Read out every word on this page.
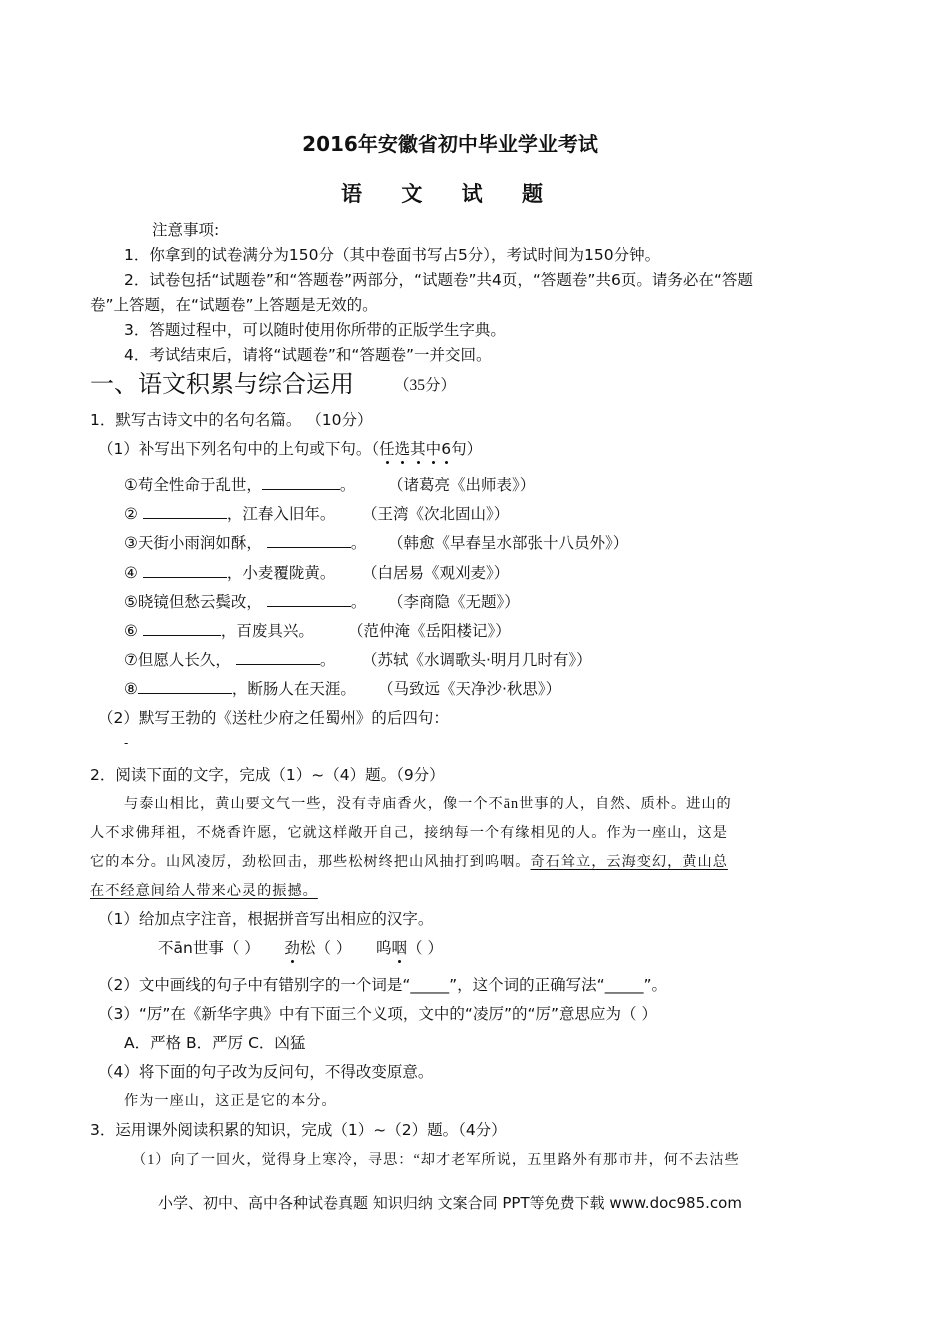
2016年安徽省初中毕业学业考试
语 文 试 题
注意事项:
1．你拿到的试卷满分为150分（其中卷面书写占5分），考试时间为150分钟。
2．试卷包括“试题卷”和“答题卷”两部分，“试题卷”共4页，“答题卷”共6页。请务必在“答题
卷”上答题，在“试题卷”上答题是无效的。
3．答题过程中，可以随时使用你所带的正版学生字典。
4．考试结束后，请将“试题卷”和“答题卷”一并交回。
一、语文积累与综合运用	（35分）
1．默写古诗文中的名句名篇。 （10分）
（1）补写出下列名句中的上句或下句。（任选其中6句）
①苟全性命于乱世，	。 （诸葛亮《出师表》）
②	，江春入旧年。 （王湾《次北固山》）
③天街小雨润如酥，	。 （韩愈《早春呈水部张十八员外》）
④	，小麦覆陇黄。 （白居易《观刈麦》）
⑤晓镜但愁云鬓改，	。 （李商隐《无题》）
⑥	，百废具兴。 （范仲淹《岳阳楼记》）
⑦但愿人长久，	。 （苏轼《水调歌头·明月几时有》）
⑧	，断肠人在天涯。 （马致远《天净沙·秋思》）
（2）默写王勃的《送杜少府之任蜀州》的后四句：
-
2．阅读下面的文字，完成（1）~（4）题。（9分）
与泰山相比，黄山要文气一些，没有寺庙香火，像一个不ān世事的人，自然、质朴。进山的
人不求佛拜祖，不烧香许愿，它就这样敞开自己，接纳每一个有缘相见的人。作为一座山，这是
它的本分。山风凌厉，劲松回击，那些松树终把山风抽打到呜咽。奇石耸立，云海变幻，黄山总
在不经意间给人带来心灵的振撼。
（1）给加点字注音，根据拼音写出相应的汉字。
不ān世事（ ） 劲松（ ） 呜咽（ ）
（2）文中画线的句子中有错别字的一个词是“_____”，这个词的正确写法“_____”。
（3）“厉”在《新华字典》中有下面三个义项，文中的“凌厉”的“厉”意思应为（ ）
A．严格 B．严厉 C．凶猛
（4）将下面的句子改为反问句，不得改变原意。
作为一座山，这正是它的本分。
3．运用课外阅读积累的知识，完成（1）~（2）题。（4分）
（1）向了一回火，觉得身上寒冷，寻思：“却才老军所说，五里路外有那市井，何不去沽些
小学、初中、高中各种试卷真题 知识归纳 文案合同 PPT等免费下载 www.doc985.com
